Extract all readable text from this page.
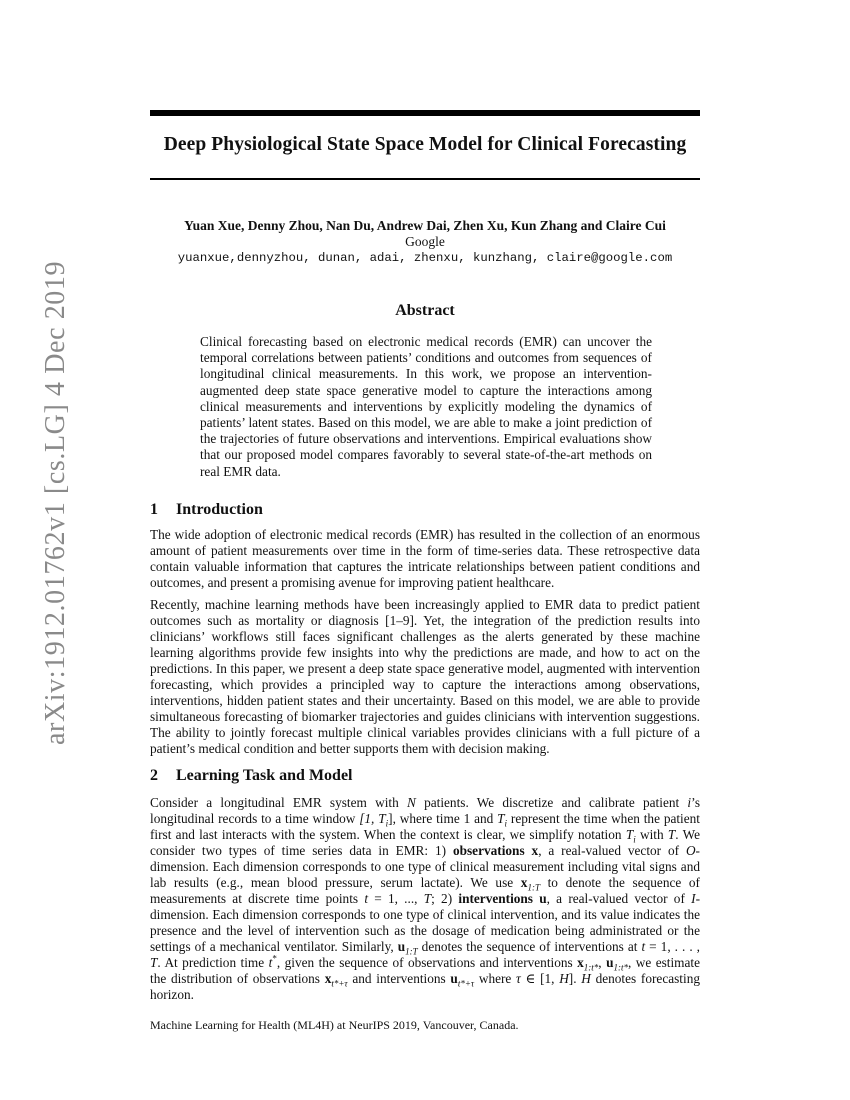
Deep Physiological State Space Model for Clinical Forecasting
Yuan Xue, Denny Zhou, Nan Du, Andrew Dai, Zhen Xu, Kun Zhang and Claire Cui
Google
yuanxue,dennyzhou, dunan, adai, zhenxu, kunzhang, claire@google.com
Abstract
Clinical forecasting based on electronic medical records (EMR) can uncover the temporal correlations between patients’ conditions and outcomes from sequences of longitudinal clinical measurements. In this work, we propose an intervention-augmented deep state space generative model to capture the interactions among clinical measurements and interventions by explicitly modeling the dynamics of patients’ latent states. Based on this model, we are able to make a joint prediction of the trajectories of future observations and interventions. Empirical evaluations show that our proposed model compares favorably to several state-of-the-art methods on real EMR data.
1 Introduction

The wide adoption of electronic medical records (EMR) has resulted in the collection of an enormous amount of patient measurements over time in the form of time-series data. These retrospective data contain valuable information that captures the intricate relationships between patient conditions and outcomes, and present a promising avenue for improving patient healthcare.

Recently, machine learning methods have been increasingly applied to EMR data to predict patient outcomes such as mortality or diagnosis [1–9]. Yet, the integration of the prediction results into clinicians’ workflows still faces significant challenges as the alerts generated by these machine learning algorithms provide few insights into why the predictions are made, and how to act on the predictions. In this paper, we present a deep state space generative model, augmented with intervention forecasting, which provides a principled way to capture the interactions among observations, interventions, hidden patient states and their uncertainty. Based on this model, we are able to provide simultaneous forecasting of biomarker trajectories and guides clinicians with intervention suggestions. The ability to jointly forecast multiple clinical variables provides clinicians with a full picture of a patient’s medical condition and better supports them with decision making.

2 Learning Task and Model

Consider a longitudinal EMR system with N patients. We discretize and calibrate patient i’s longitudinal records to a time window [1, $T_i$], where time 1 and $T_i$ represent the time when the patient first and last interacts with the system. When the context is clear, we simplify notation $T_i$ with T. We consider two types of time series data in EMR: 1) observations x, a real-valued vector of O-dimension. Each dimension corresponds to one type of clinical measurement including vital signs and lab results (e.g., mean blood pressure, serum lactate). We use $x_{1:T}$ to denote the sequence of measurements at discrete time points t = 1, ..., T; 2) interventions u, a real-valued vector of I-dimension. Each dimension corresponds to one type of clinical intervention, and its value indicates the presence and the level of intervention such as the dosage of medication being administrated or the settings of a mechanical ventilator. Similarly, $u_{1:T}$ denotes the sequence of interventions at t = 1, . . . , T. At prediction time t*, given the sequence of observations and interventions $x_{1:t*}$, $u_{1:t*}$, we estimate the distribution of observations $x_{t*+\tau}$ and interventions $u_{t*+\tau}$ where τ ∈ [1, H]. H denotes forecasting horizon.

Machine Learning for Health (ML4H) at NeurIPS 2019, Vancouver, Canada.
arXiv:1912.01762v1 [cs.LG] 4 Dec 2019
